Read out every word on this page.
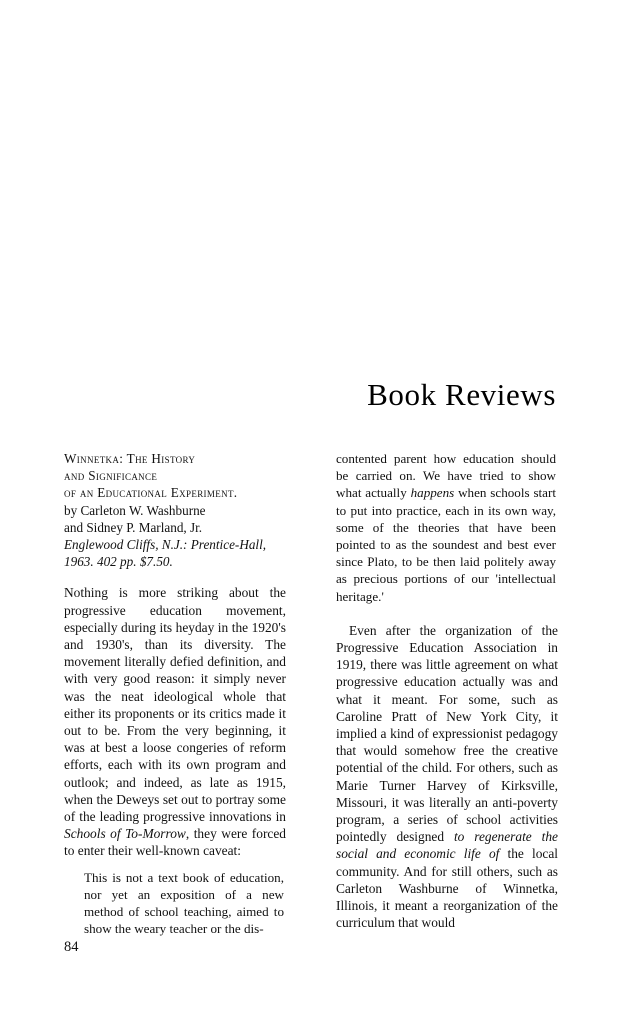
Book Reviews
Winnetka: The History
and Significance
of an Educational Experiment.
by Carleton W. Washburne
and Sidney P. Marland, Jr.
Englewood Cliffs, N.J.: Prentice-Hall,
1963. 402 pp. $7.50.

Nothing is more striking about the progressive education movement, especially during its heyday in the 1920's and 1930's, than its diversity. The movement literally defied definition, and with very good reason: it simply never was the neat ideological whole that either its proponents or its critics made it out to be. From the very beginning, it was at best a loose congeries of reform efforts, each with its own program and outlook; and indeed, as late as 1915, when the Deweys set out to portray some of the leading progressive innovations in Schools of To-Morrow, they were forced to enter their well-known caveat:

This is not a text book of education, nor yet an exposition of a new method of school teaching, aimed to show the weary teacher or the dis-

contented parent how education should be carried on. We have tried to show what actually happens when schools start to put into practice, each in its own way, some of the theories that have been pointed to as the soundest and best ever since Plato, to be then laid politely away as precious portions of our 'intellectual heritage.'

Even after the organization of the Progressive Education Association in 1919, there was little agreement on what progressive education actually was and what it meant. For some, such as Caroline Pratt of New York City, it implied a kind of expressionist pedagogy that would somehow free the creative potential of the child. For others, such as Marie Turner Harvey of Kirksville, Missouri, it was literally an anti-poverty program, a series of school activities pointedly designed to regenerate the social and economic life of the local community. And for still others, such as Carleton Washburne of Winnetka, Illinois, it meant a reorganization of the curriculum that would

84
